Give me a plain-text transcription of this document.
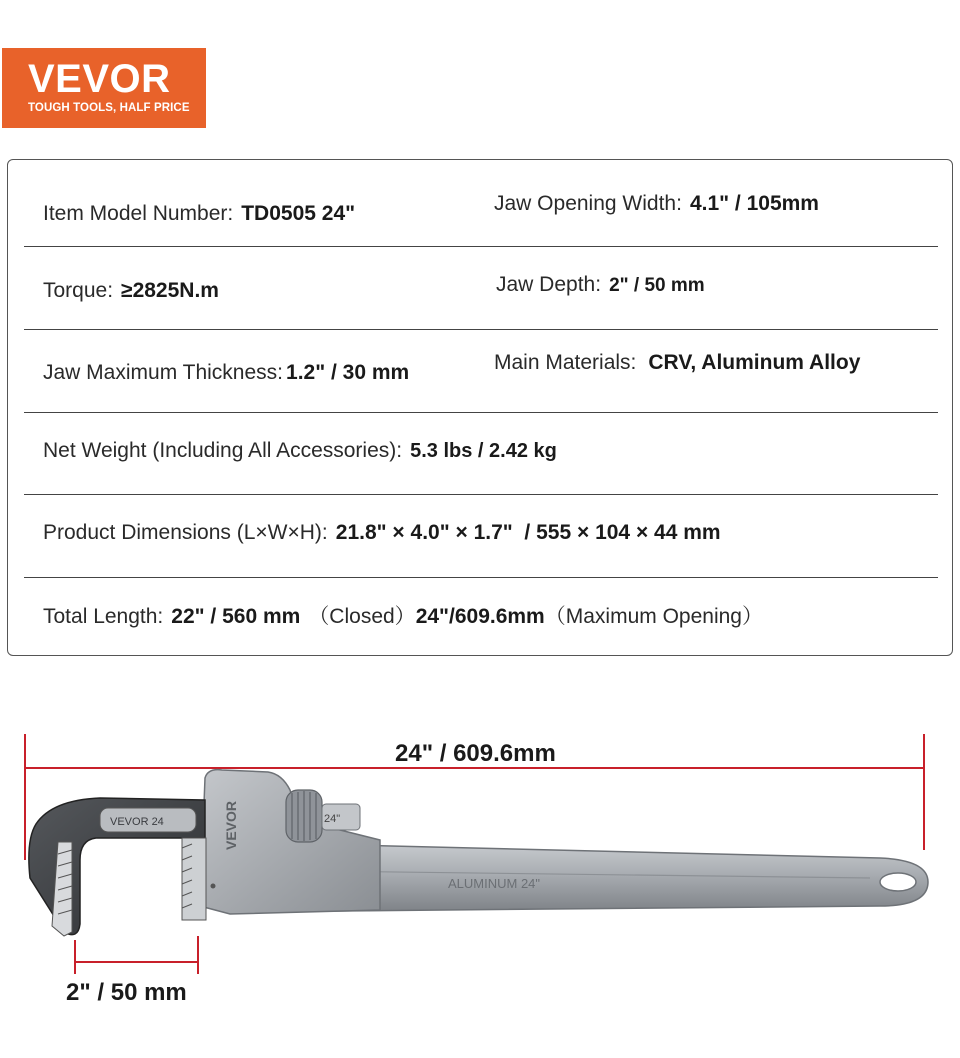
VEVOR
TOUGH TOOLS, HALF PRICE
Item Model Number: TD0505 24"	Jaw Opening Width: 4.1" / 105mm
Torque: ≥2825N.m	Jaw Depth: 2" / 50 mm
Jaw Maximum Thickness: 1.2" / 30 mm	Main Materials: CRV, Aluminum Alloy
Net Weight (Including All Accessories): 5.3 lbs / 2.42 kg
Product Dimensions (L×W×H): 21.8" × 4.0" × 1.7"  / 555 × 104 × 44 mm
Total Length: 22" / 560 mm （Closed）24"/609.6mm（Maximum Opening）
ALUMINUM 24"
VEVOR	24"
VEVOR 24
24" / 609.6mm
2" / 50 mm
